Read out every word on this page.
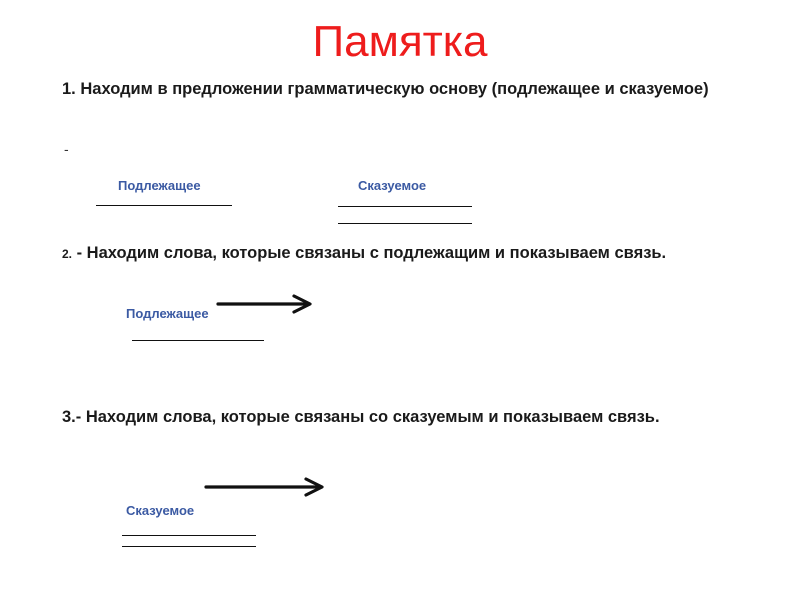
Памятка
1. Находим в предложении грамматическую основу (подлежащее и сказуемое)
-
Подлежащее	Сказуемое
2. - Находим слова, которые связаны с подлежащим и показываем связь.
Подлежащее
3.- Находим слова, которые связаны со сказуемым и показываем связь.
Сказуемое
